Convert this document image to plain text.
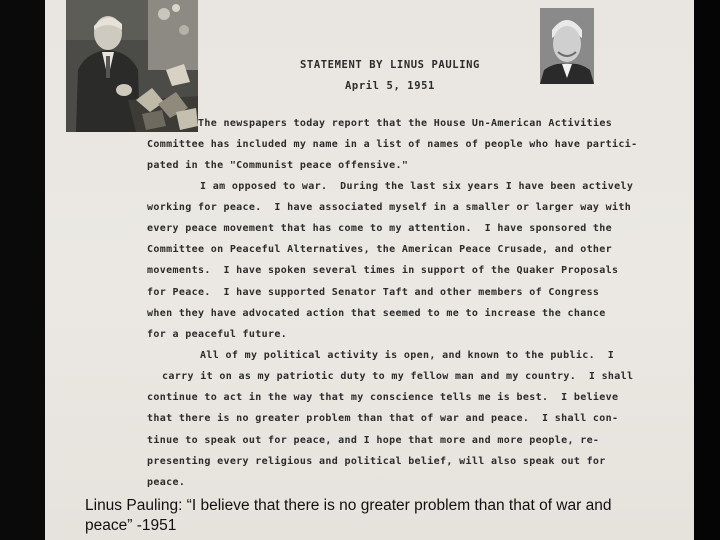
STATEMENT BY LINUS PAULING
April 5, 1951
The newspapers today report that the House Un-American Activities
Committee has included my name in a list of names of people who have partici-
pated in the "Communist peace offensive."
I am opposed to war.  During the last six years I have been actively
working for peace.  I have associated myself in a smaller or larger way with
every peace movement that has come to my attention.  I have sponsored the
Committee on Peaceful Alternatives, the American Peace Crusade, and other
movements.  I have spoken several times in support of the Quaker Proposals
for Peace.  I have supported Senator Taft and other members of Congress
when they have advocated action that seemed to me to increase the chance
for a peaceful future.
All of my political activity is open, and known to the public.  I
carry it on as my patriotic duty to my fellow man and my country.  I shall
continue to act in the way that my conscience tells me is best.  I believe
that there is no greater problem than that of war and peace.  I shall con-
tinue to speak out for peace, and I hope that more and more people, re-
presenting every religious and political belief, will also speak out for
peace.
Linus Pauling: “I believe that there is no greater problem than that of war and
peace” -1951
